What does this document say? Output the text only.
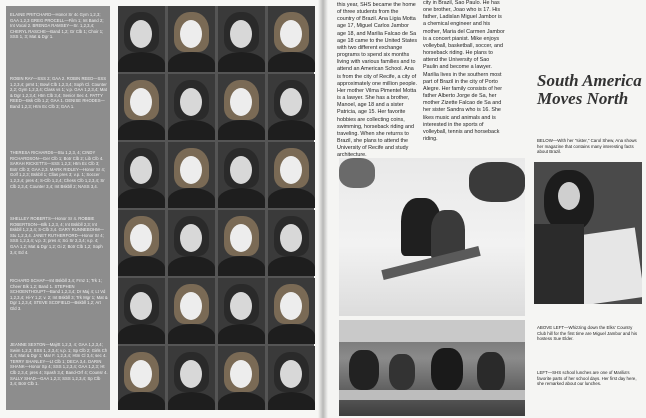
ELAINE PRITCHARD—Honor Sr 4c Gym 1,2,3; GAA 1,2,3 GREG PROCELL—Film 1; Int Band 2; Int Vocal 2. BRENDA RAMSEY—Sr. 1,2,3,4; CHERYL RASCHE—Band 1,2; Gr Clb 1; Choir 1; SSS 1, 3; Mat & Dgr 1.
ROBIN RAY—SSS 2; GAA 2. ROBIN REED—SSS 1,2,3,4; prmt 1; Bowl Clb 1,2,3,4; Soph Cl. Counter 2,2; Gym 1,2,3,4; Class vs 1; v.p. GAA 1,2,3,4; Mat & Dgr 1,2,3,4; Htm Clb 3,4; Senior Sec 4. PATTY REED—Bsk Clb 1,2; GAA 1. DENISE RHODES—Band 1,2,3; Htm Ec Clb 3; GAA 1.
THERESA RICHARDS—Stu 1,2,3, 4; CINDY RICHARDSON—Ger Clb 1; Botr Clb 2; Lib Clb 4. SARAH RICKETTS—SSS 1,2,3; Htm Ec Clb 3; Botr Clb 3; GAA 2,3. MARK RIDLEY—Honor Sr 4; Golf 1,2,3; Bskbll 1; Cllas pres 3; v.p. 1; Soccer 1,2,3,4; pres 4; S-Clb 1,2,4; Chess Clb 1,2,3,4; Sr Clb 2,3,4; Counter 3,4; Int Bskbll 2; NASS 3,4.
SHELLEY ROBERTS—Honor Sr 4. ROBBIE ROBERTSON—Blk 1,2,3, 4; Int Bskbll 2,3; Int Bskbll 1,2,3,4; S-Clb 3,4. GARY RUNNEBOHM—Stu 1,2,3,4. JANET RUTHERFORD—Honor Sr 4; SSS 1,2,3,4; v.p. 3; pres 4; Sci Sr 2,3,4; v.p. 4; GAA 1,2; Mat & Dgr 1,2; Gi 2; Botr Clb 1,2; Soph 3,4; Ed 4.
RICHARD SCHAF—Int Bskbll 3,4; Frnz 1; Trk 1; Cheer Blk 1,2; Band 1. STEPHEN SCHOENTHOUPT—Band 1,2,3,4; Dr Maj 4; Lt Vd 1,2,3,4; Hi-Y 1,2; v. 2; Int Bskbll 3; Trk Mgr 1; Mat & Dgr 1,2,3,4; STEVE SCOFIELD—Bskbll 1,2; Art Gld 3.
JEANNE SEXTON—Majrtt 1,2,3, 4; GAA 1,2,3,4; Swim 1,2,3; SSS 1, 2,3,4; v.p. 1; Sp Clb 2; Girls Ch 3,4; Mat & Dgr 1; Mar F. 1,2,3,4; Htm Cl 3,4; sec 4. TERRY SHANLEY—Lt Clb 1; DECA 3,4. DARIN SHANK—Honor Sp 4; SSS 1,2,3,4; GAA 1,2,3; Ht Clb 2,3,4; pres 4; Spash 3,4; Band-Orf 4; Counsr 4. SALLY SHAD—GAA 1,2,3; SSS 1,2,3,4; Sp Clb 3,4; Botr Clb 1.
this year, SHS became the home of three students from the country of Brazil. Ana Ligia Motta age 17, Miguel Carlos Jambor age 18, and Marilia Falcao de Sa age 18 came to the United States with two different exchange programs to spend six months living with various families and to attend an American School. Ana is from the city of Recife, a city of approximately one million people. Her mother Vilma Pimentel Motta is a lawyer. She has a brother, Manoel, age 18 and a sister Patricia, age 15. Her favorite hobbies are collecting coins, swimming, horseback riding and traveling. When she returns to Brazil, she plans to attend the University of Recife and study architecture.
city in Brazil, Sao Paulo. He has one brother, Joao who is 17. His father, Ladislan Miguel Jambor is a chemical engineer and his mother, Maria del Carmen Jambor is a concert pianist. Mike enjoys volleyball, basketball, soccer, and horseback riding. He plans to attend the University of Sao Paulin and become a lawyer. Marilia lives in the southern most part of Brazil in the city of Porto Alegre. Her family consists of her father Alberto Jorge de Sa, her mother Zizette Falcao de Sa and her sister Sandra who is 16. She likes music and animals and is interested in the sports of volleyball, tennis and horseback riding.
South America Moves North
BELOW—With her "sister," Carol Shew, Ana shows her magazine that contains many interesting facts about Brazil.
ABOVE LEFT—Whizzing down the Elks' Country Club hill for the first time are Miguel Jambor and his hostess Sue Elder.
LEFT—SHS school lunches are one of Marilia's favorite parts of her school days. Her first day here, she remarked about our lunches.
